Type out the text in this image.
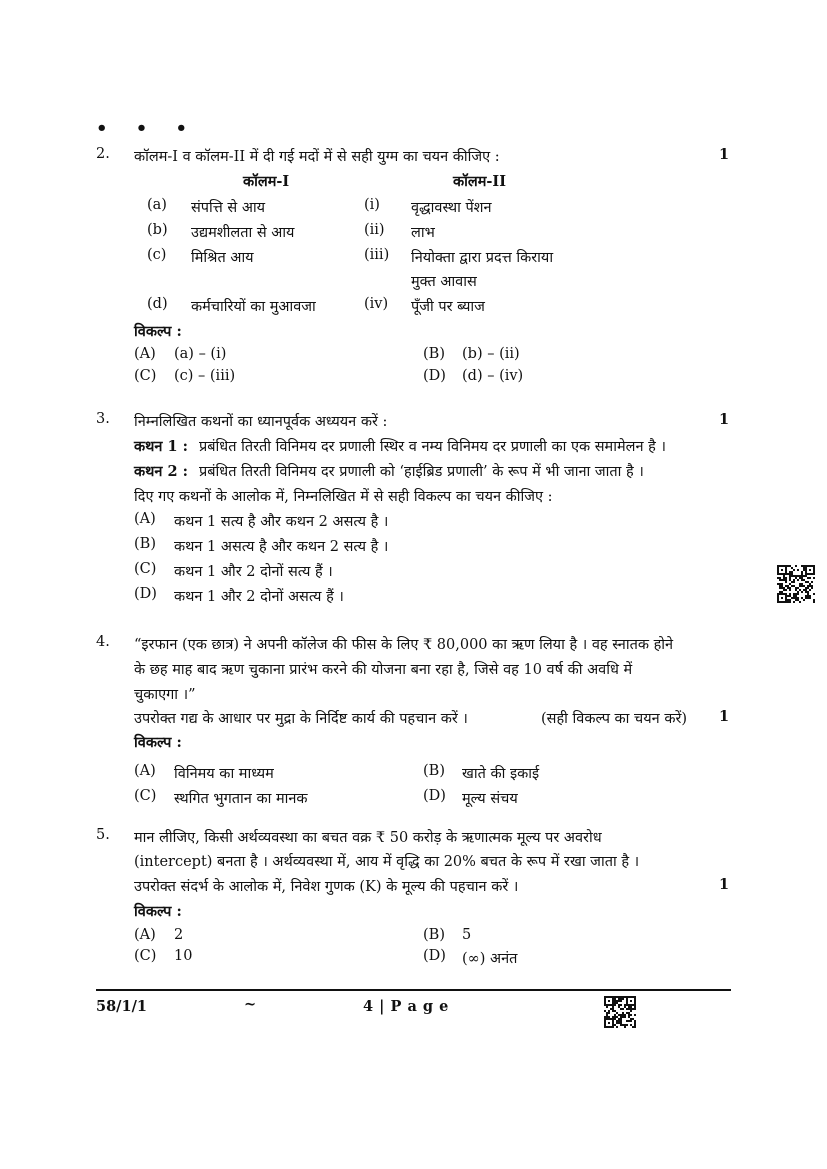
• • •
2. कॉलम-I व कॉलम-II में दी गई मदों में से सही युग्म का चयन कीजिए :	1
कॉलम-I	कॉलम-II
(a) संपत्ति से आय	(i) वृद्धावस्था पेंशन
(b) उद्यमशीलता से आय	(ii) लाभ
(c) मिश्रित आय	(iii) नियोक्ता द्वारा प्रदत्त किराया
मुक्त आवास
(d) कर्मचारियों का मुआवजा	(iv) पूँजी पर ब्याज
विकल्प :
(A) (a) – (i)	(B) (b) – (ii)
(C) (c) – (iii)	(D) (d) – (iv)
3. निम्नलिखित कथनों का ध्यानपूर्वक अध्ययन करें :	1
कथन 1 : प्रबंधित तिरती विनिमय दर प्रणाली स्थिर व नम्य विनिमय दर प्रणाली का एक समामेलन है ।
कथन 2 : प्रबंधित तिरती विनिमय दर प्रणाली को ‘हाईब्रिड प्रणाली’ के रूप में भी जाना जाता है ।
दिए गए कथनों के आलोक में, निम्नलिखित में से सही विकल्प का चयन कीजिए :
(A) कथन 1 सत्य है और कथन 2 असत्य है ।
(B) कथन 1 असत्य है और कथन 2 सत्य है ।
(C) कथन 1 और 2 दोनों सत्य हैं ।
(D) कथन 1 और 2 दोनों असत्य हैं ।
4. “इरफान (एक छात्र) ने अपनी कॉलेज की फीस के लिए ₹ 80,000 का ऋण लिया है । वह स्नातक होने
के छह माह बाद ऋण चुकाना प्रारंभ करने की योजना बना रहा है, जिसे वह 10 वर्ष की अवधि में
चुकाएगा ।”
उपरोक्त गद्य के आधार पर मुद्रा के निर्दिष्ट कार्य की पहचान करें ।	(सही विकल्प का चयन करें) 1
विकल्प :
(A) विनिमय का माध्यम	(B) खाते की इकाई
(C) स्थगित भुगतान का मानक	(D) मूल्य संचय
5. मान लीजिए, किसी अर्थव्यवस्था का बचत वक्र ₹ 50 करोड़ के ऋणात्मक मूल्य पर अवरोध
(intercept) बनता है । अर्थव्यवस्था में, आय में वृद्धि का 20% बचत के रूप में रखा जाता है ।
उपरोक्त संदर्भ के आलोक में, निवेश गुणक (K) के मूल्य की पहचान करें ।	1
विकल्प :
(A) 2	(B) 5
(C) 10	(D) (∞) अनंत
58/1/1	~	4 | P a g e
